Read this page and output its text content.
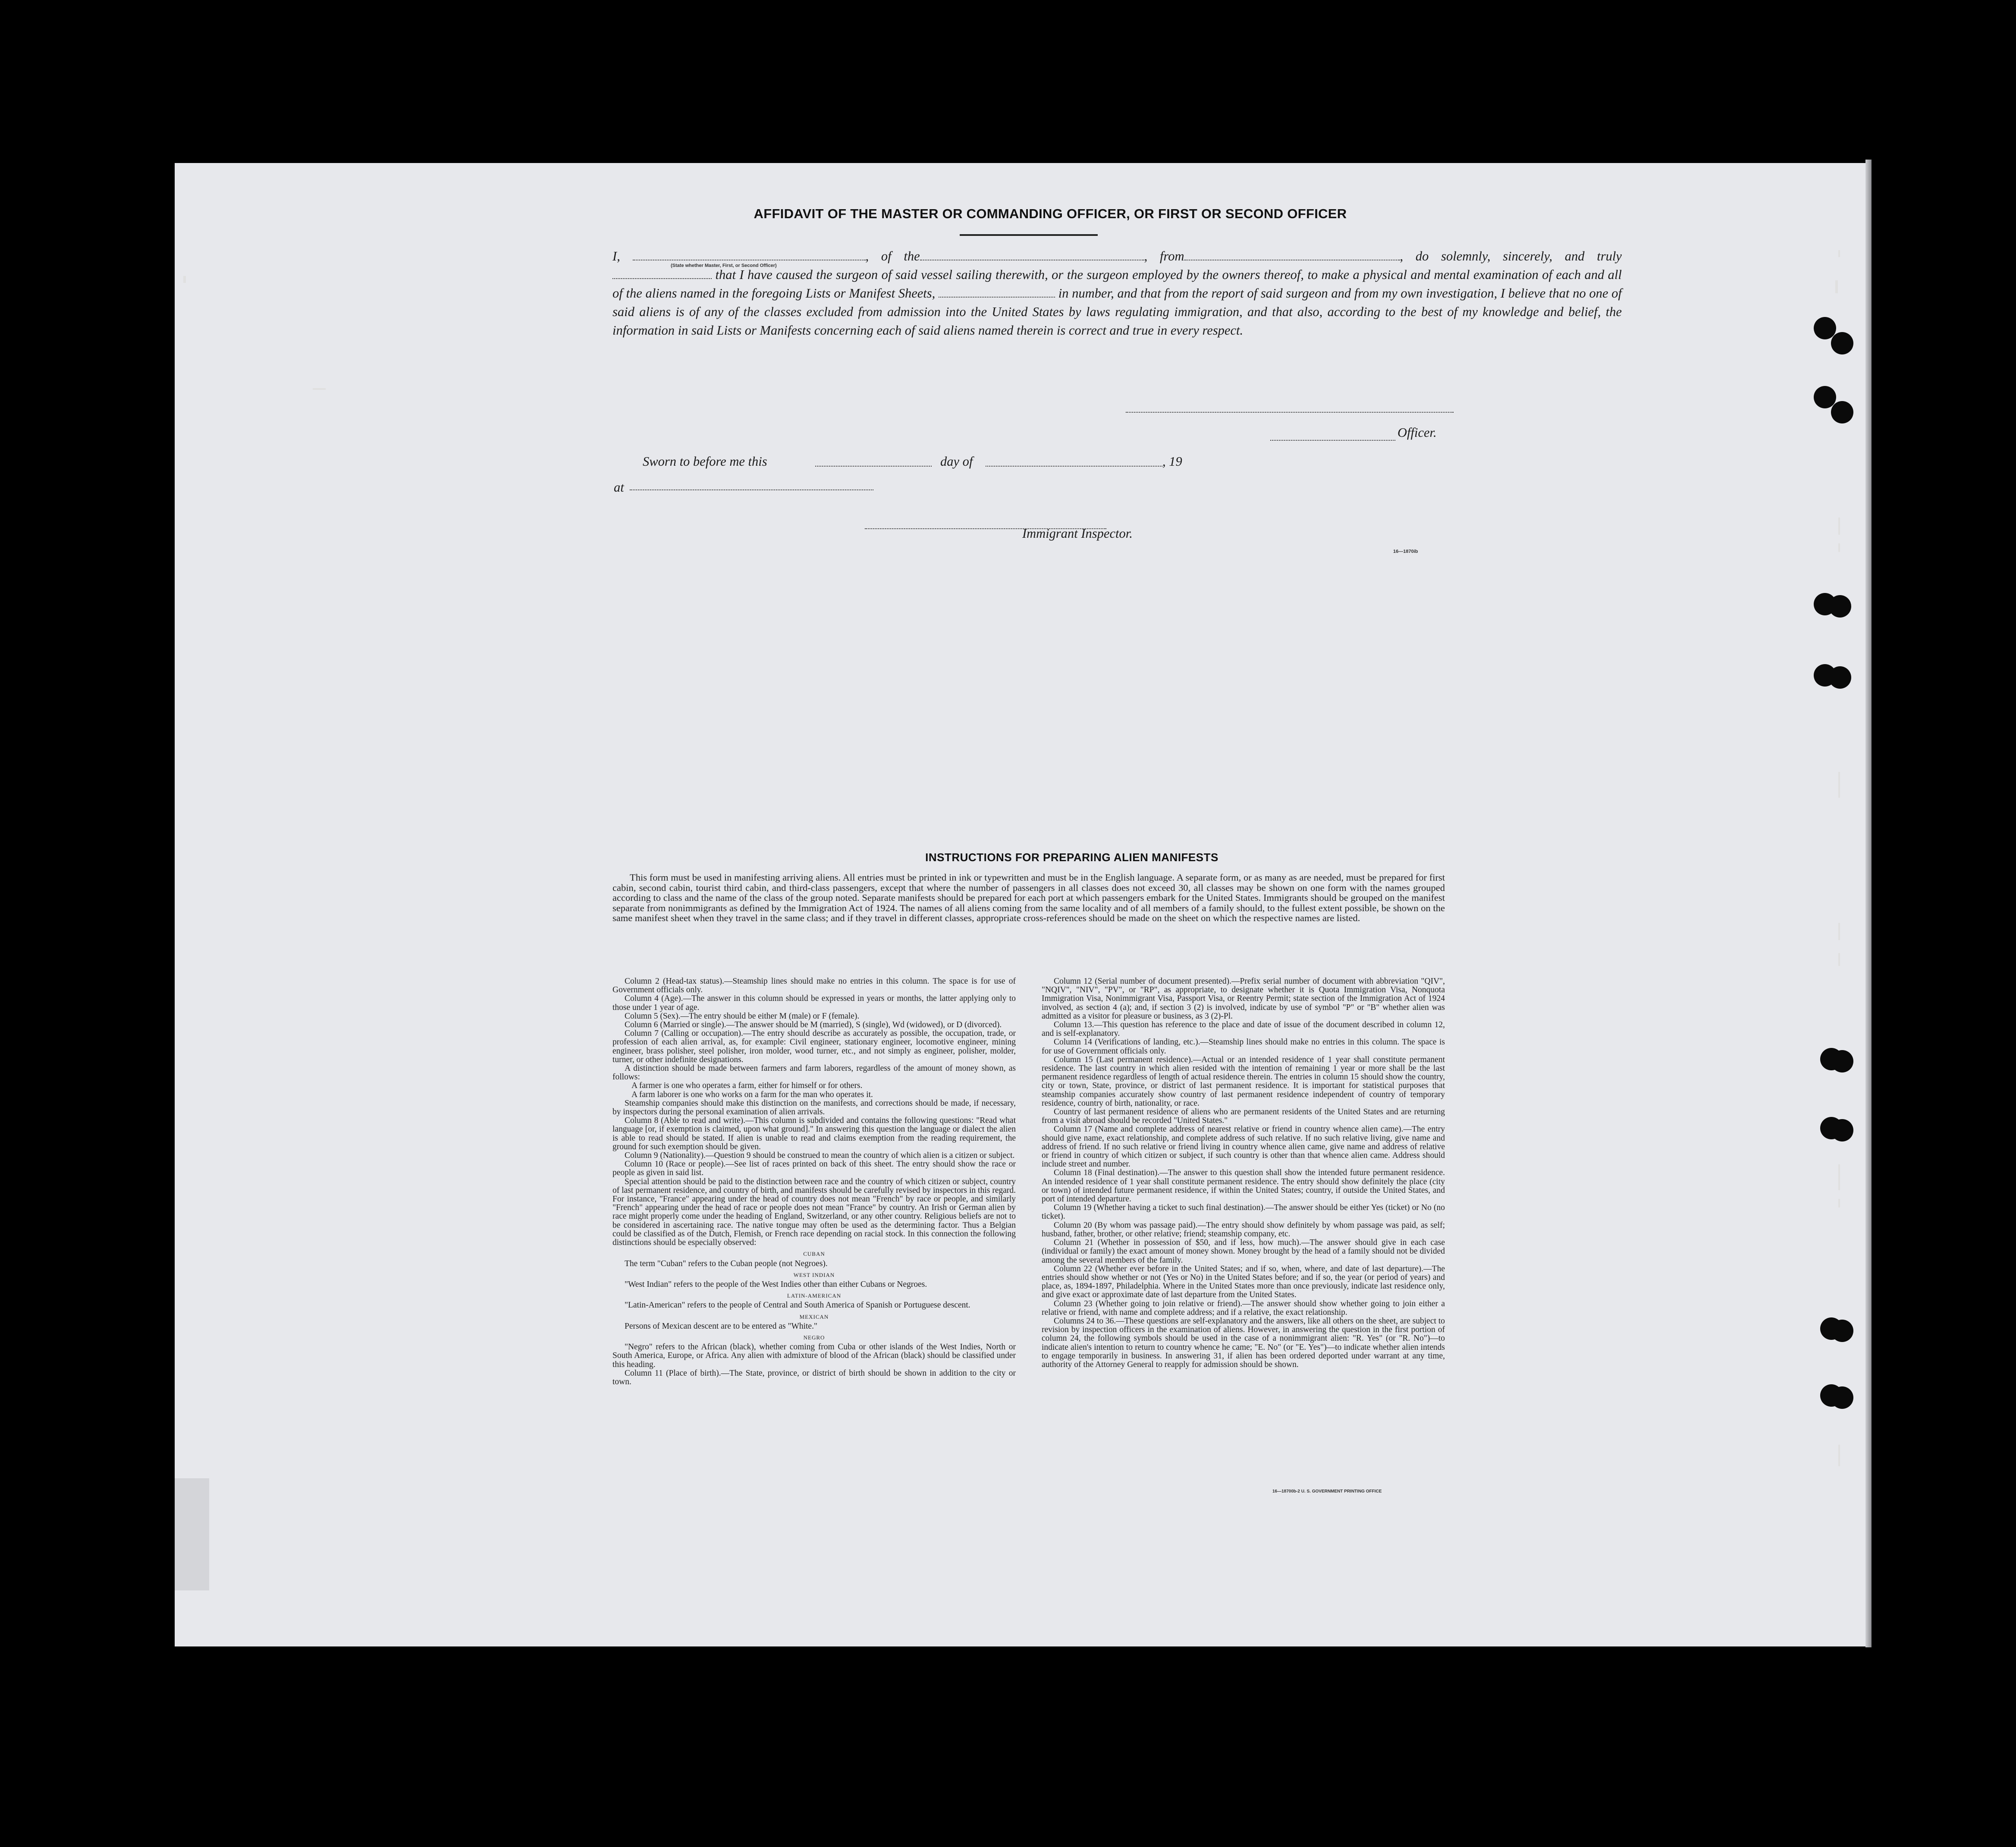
AFFIDAVIT OF THE MASTER OR COMMANDING OFFICER, OR FIRST OR SECOND OFFICER
I,	, of the	, from	, do solemnly, sincerely, and truly  that I have caused the surgeon of said vessel sailing therewith, or the surgeon employed by the owners thereof, to make a physical and mental examination of each and all of the aliens named in the foregoing Lists or Manifest Sheets,	in number, and that from the report of said surgeon and from my own investigation, I believe that no one of said aliens is of any of the classes excluded from admission into the United States by laws regulating immigration, and that also, according to the best of my knowledge and belief, the information in said Lists or Manifests concerning each of said aliens named therein is correct and true in every respect.
(State whether Master, First, or Second Officer)
Officer.
Sworn to before me this	day of	, 19
at
Immigrant Inspector.
16—1870ib
INSTRUCTIONS FOR PREPARING ALIEN MANIFESTS
This form must be used in manifesting arriving aliens. All entries must be printed in ink or typewritten and must be in the English language. A separate form, or as many as are needed, must be prepared for first cabin, second cabin, tourist third cabin, and third-class passengers, except that where the number of passengers in all classes does not exceed 30, all classes may be shown on one form with the names grouped according to class and the name of the class of the group noted. Separate manifests should be prepared for each port at which passengers embark for the United States. Immigrants should be grouped on the manifest separate from nonimmigrants as defined by the Immigration Act of 1924. The names of all aliens coming from the same locality and of all members of a family should, to the fullest extent possible, be shown on the same manifest sheet when they travel in the same class; and if they travel in different classes, appropriate cross-references should be made on the sheet on which the respective names are listed.

Column 2 (Head-tax status).—Steamship lines should make no entries in this column. The space is for use of Government officials only.

Column 4 (Age).—The answer in this column should be expressed in years or months, the latter applying only to those under 1 year of age.

Column 5 (Sex).—The entry should be either M (male) or F (female).

Column 6 (Married or single).—The answer should be M (married), S (single), Wd (widowed), or D (divorced).

Column 7 (Calling or occupation).—The entry should describe as accurately as possible, the occupation, trade, or profession of each alien arrival, as, for example: Civil engineer, stationary engineer, locomotive engineer, mining engineer, brass polisher, steel polisher, iron molder, wood turner, etc., and not simply as engineer, polisher, molder, turner, or other indefinite designations.

A distinction should be made between farmers and farm laborers, regardless of the amount of money shown, as follows:

A farmer is one who operates a farm, either for himself or for others.

A farm laborer is one who works on a farm for the man who operates it.

Steamship companies should make this distinction on the manifests, and corrections should be made, if necessary, by inspectors during the personal examination of alien arrivals.

Column 8 (Able to read and write).—This column is subdivided and contains the following questions: "Read what language [or, if exemption is claimed, upon what ground]." In answering this question the language or dialect the alien is able to read should be stated. If alien is unable to read and claims exemption from the reading requirement, the ground for such exemption should be given.

Column 9 (Nationality).—Question 9 should be construed to mean the country of which alien is a citizen or subject.

Column 10 (Race or people).—See list of races printed on back of this sheet. The entry should show the race or people as given in said list.

Special attention should be paid to the distinction between race and the country of which citizen or subject, country of last permanent residence, and country of birth, and manifests should be carefully revised by inspectors in this regard. For instance, "France" appearing under the head of country does not mean "French" by race or people, and similarly "French" appearing under the head of race or people does not mean "France" by country. An Irish or German alien by race might properly come under the heading of England, Switzerland, or any other country. Religious beliefs are not to be considered in ascertaining race. The native tongue may often be used as the determining factor. Thus a Belgian could be classified as of the Dutch, Flemish, or French race depending on racial stock. In this connection the following distinctions should be especially observed:

CUBAN

The term "Cuban" refers to the Cuban people (not Negroes).

WEST INDIAN

"West Indian" refers to the people of the West Indies other than either Cubans or Negroes.

LATIN-AMERICAN

"Latin-American" refers to the people of Central and South America of Spanish or Portuguese descent.

MEXICAN

Persons of Mexican descent are to be entered as "White."

NEGRO

"Negro" refers to the African (black), whether coming from Cuba or other islands of the West Indies, North or South America, Europe, or Africa. Any alien with admixture of blood of the African (black) should be classified under this heading.

Column 11 (Place of birth).—The State, province, or district of birth should be shown in addition to the city or town.

Column 12 (Serial number of document presented).—Prefix serial number of document with abbreviation "QIV", "NQIV", "NIV", "PV", or "RP", as appropriate, to designate whether it is Quota Immigration Visa, Nonquota Immigration Visa, Nonimmigrant Visa, Passport Visa, or Reentry Permit; state section of the Immigration Act of 1924 involved, as section 4 (a); and, if section 3 (2) is involved, indicate by use of symbol "P" or "B" whether alien was admitted as a visitor for pleasure or business, as 3 (2)-Pl.

Column 13.—This question has reference to the place and date of issue of the document described in column 12, and is self-explanatory.

Column 14 (Verifications of landing, etc.).—Steamship lines should make no entries in this column. The space is for use of Government officials only.

Column 15 (Last permanent residence).—Actual or an intended residence of 1 year shall constitute permanent residence. The last country in which alien resided with the intention of remaining 1 year or more shall be the last permanent residence regardless of length of actual residence therein. The entries in column 15 should show the country, city or town, State, province, or district of last permanent residence. It is important for statistical purposes that steamship companies accurately show country of last permanent residence independent of country of temporary residence, country of birth, nationality, or race.

Country of last permanent residence of aliens who are permanent residents of the United States and are returning from a visit abroad should be recorded "United States."

Column 17 (Name and complete address of nearest relative or friend in country whence alien came).—The entry should give name, exact relationship, and complete address of such relative. If no such relative living, give name and address of friend. If no such relative or friend living in country whence alien came, give name and address of relative or friend in country of which citizen or subject, if such country is other than that whence alien came. Address should include street and number.

Column 18 (Final destination).—The answer to this question shall show the intended future permanent residence. An intended residence of 1 year shall constitute permanent residence. The entry should show definitely the place (city or town) of intended future permanent residence, if within the United States; country, if outside the United States, and port of intended departure.

Column 19 (Whether having a ticket to such final destination).—The answer should be either Yes (ticket) or No (no ticket).

Column 20 (By whom was passage paid).—The entry should show definitely by whom passage was paid, as self; husband, father, brother, or other relative; friend; steamship company, etc.

Column 21 (Whether in possession of $50, and if less, how much).—The answer should give in each case (individual or family) the exact amount of money shown. Money brought by the head of a family should not be divided among the several members of the family.

Column 22 (Whether ever before in the United States; and if so, when, where, and date of last departure).—The entries should show whether or not (Yes or No) in the United States before; and if so, the year (or period of years) and place, as, 1894-1897, Philadelphia. Where in the United States more than once previously, indicate last residence only, and give exact or approximate date of last departure from the United States.

Column 23 (Whether going to join relative or friend).—The answer should show whether going to join either a relative or friend, with name and complete address; and if a relative, the exact relationship.

Columns 24 to 36.—These questions are self-explanatory and the answers, like all others on the sheet, are subject to revision by inspection officers in the examination of aliens. However, in answering the question in the first portion of column 24, the following symbols should be used in the case of a nonimmigrant alien: "R. Yes" (or "R. No")—to indicate alien's intention to return to country whence he came; "E. No" (or "E. Yes")—to indicate whether alien intends to engage temporarily in business. In answering 31, if alien has been ordered deported under warrant at any time, authority of the Attorney General to reapply for admission should be shown.

16—18700b-2 U. S. GOVERNMENT PRINTING OFFICE
